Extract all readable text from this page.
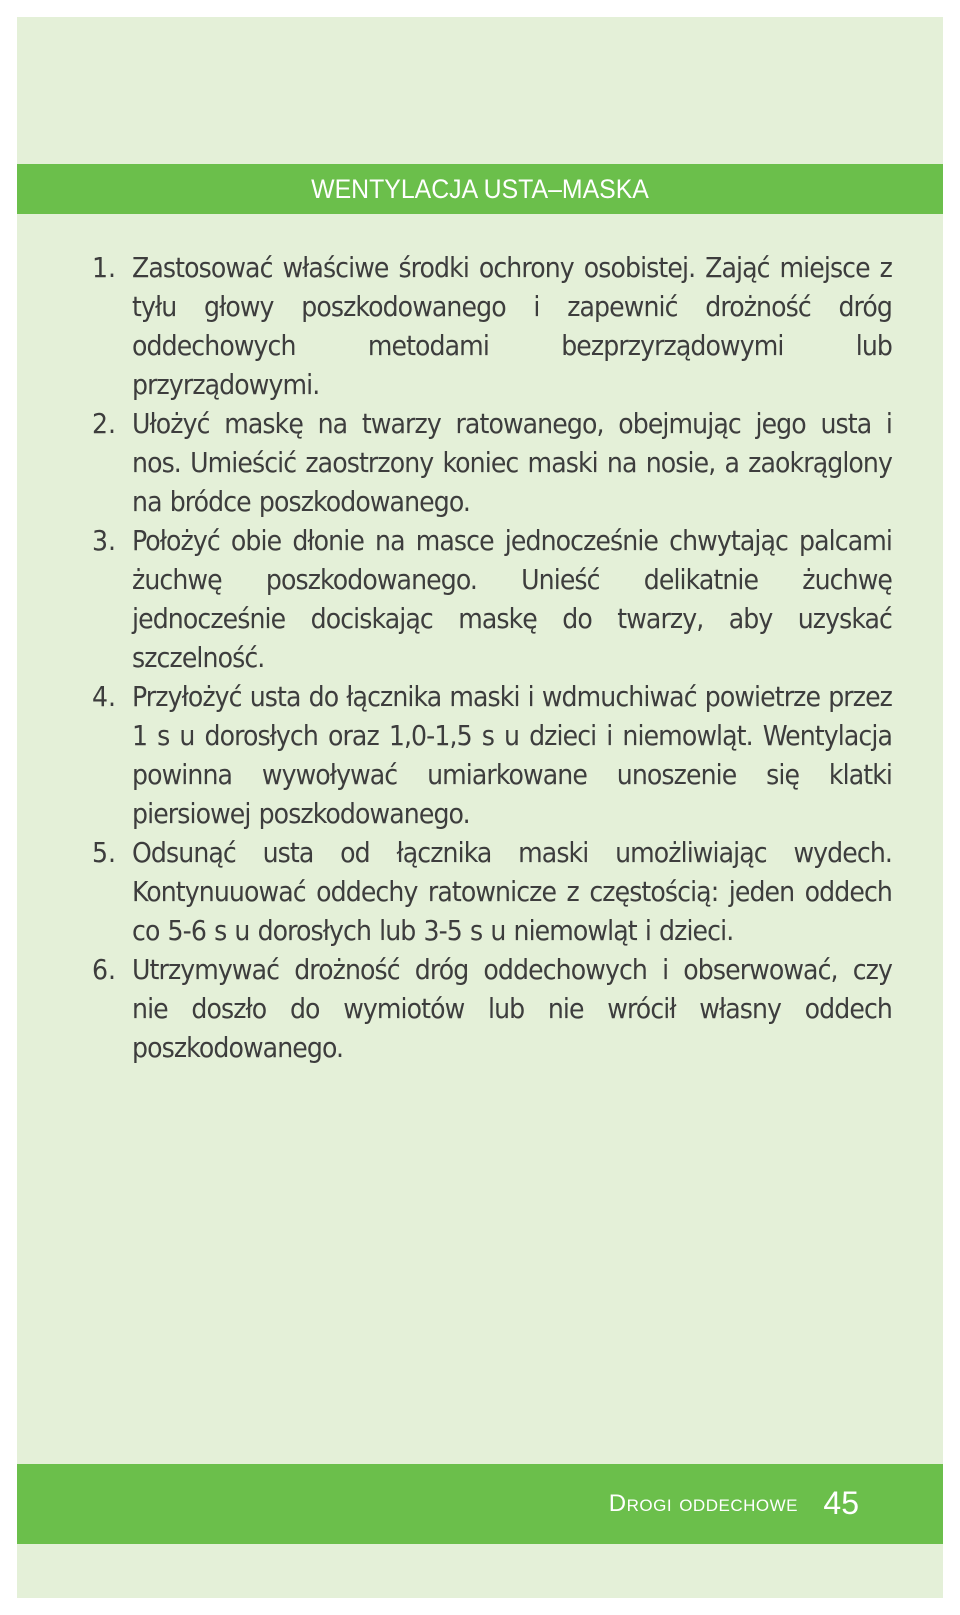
WENTYLACJA USTA–MASKA
1. Zastosować właściwe środki ochrony osobistej. Zająć miejsce z tyłu głowy poszkodowanego i zapewnić drożność dróg oddechowych metodami bezprzyrządowymi lub przyrządowymi.
2. Ułożyć maskę na twarzy ratowanego, obejmując jego usta i nos. Umieścić zaostrzony koniec maski na nosie, a zaokrąglony na bródce poszkodowanego.
3. Położyć obie dłonie na masce jednocześnie chwytając palcami żuchwę poszkodowanego. Unieść delikatnie żuchwę jednocześnie dociskając maskę do twarzy, aby uzyskać szczelność.
4. Przyłożyć usta do łącznika maski i wdmuchiwać powietrze przez 1 s u dorosłych oraz 1,0-1,5 s u dzieci i niemowląt. Wentylacja powinna wywoływać umiarkowane unoszenie się klatki piersiowej poszkodowanego.
5. Odsunąć usta od łącznika maski umożliwiając wydech. Kontynuuować oddechy ratownicze z częstością: jeden oddech co 5-6 s u dorosłych lub 3-5 s u niemowląt i dzieci.
6. Utrzymywać drożność dróg oddechowych i obserwować, czy nie doszło do wymiotów lub nie wrócił własny oddech poszkodowanego.
Drogi oddechowe 45
